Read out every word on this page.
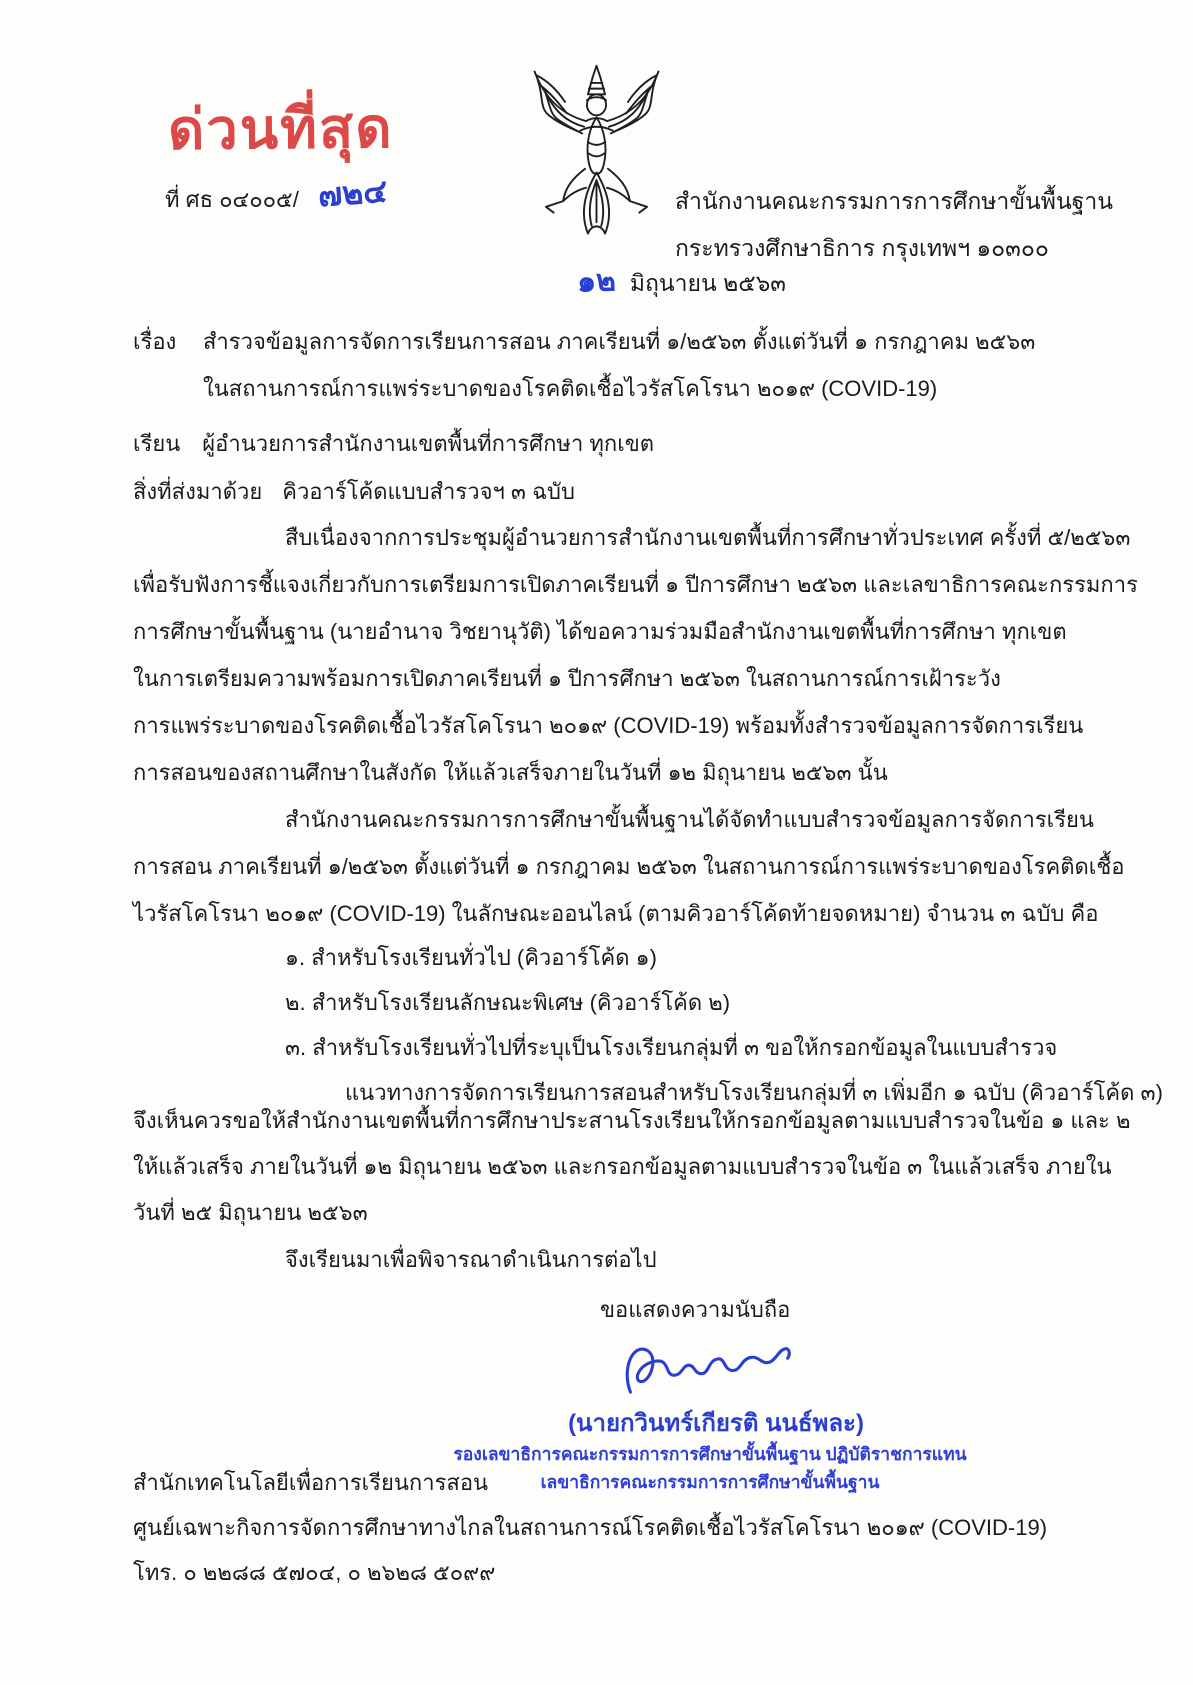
ด่วนที่สุด
ที่ ศธ ๐๔๐๐๕/ ๗๒๔	สำนักงานคณะกรรมการการศึกษาขั้นพื้นฐาน
กระทรวงศึกษาธิการ กรุงเทพฯ ๑๐๓๐๐
๑๒ มิถุนายน ๒๕๖๓
เรื่อง สำรวจข้อมูลการจัดการเรียนการสอน ภาคเรียนที่ ๑/๒๕๖๓ ตั้งแต่วันที่ ๑ กรกฎาคม ๒๕๖๓
ในสถานการณ์การแพร่ระบาดของโรคติดเชื้อไวรัสโคโรนา ๒๐๑๙ (COVID-19)
เรียน ผู้อำนวยการสำนักงานเขตพื้นที่การศึกษา ทุกเขต
สิ่งที่ส่งมาด้วย คิวอาร์โค้ดแบบสำรวจฯ ๓ ฉบับ
สืบเนื่องจากการประชุมผู้อำนวยการสำนักงานเขตพื้นที่การศึกษาทั่วประเทศ ครั้งที่ ๕/๒๕๖๓
เพื่อรับฟังการชี้แจงเกี่ยวกับการเตรียมการเปิดภาคเรียนที่ ๑ ปีการศึกษา ๒๕๖๓ และเลขาธิการคณะกรรมการ
การศึกษาขั้นพื้นฐาน (นายอำนาจ วิชยานุวัติ) ได้ขอความร่วมมือสำนักงานเขตพื้นที่การศึกษา ทุกเขต
ในการเตรียมความพร้อมการเปิดภาคเรียนที่ ๑ ปีการศึกษา ๒๕๖๓ ในสถานการณ์การเฝ้าระวัง
การแพร่ระบาดของโรคติดเชื้อไวรัสโคโรนา ๒๐๑๙ (COVID-19) พร้อมทั้งสำรวจข้อมูลการจัดการเรียน
การสอนของสถานศึกษาในสังกัด ให้แล้วเสร็จภายในวันที่ ๑๒ มิถุนายน ๒๕๖๓ นั้น
สำนักงานคณะกรรมการการศึกษาขั้นพื้นฐานได้จัดทำแบบสำรวจข้อมูลการจัดการเรียน
การสอน ภาคเรียนที่ ๑/๒๕๖๓ ตั้งแต่วันที่ ๑ กรกฎาคม ๒๕๖๓ ในสถานการณ์การแพร่ระบาดของโรคติดเชื้อ
ไวรัสโคโรนา ๒๐๑๙ (COVID-19) ในลักษณะออนไลน์ (ตามคิวอาร์โค้ดท้ายจดหมาย) จำนวน ๓ ฉบับ คือ
๑. สำหรับโรงเรียนทั่วไป (คิวอาร์โค้ด ๑)
๒. สำหรับโรงเรียนลักษณะพิเศษ (คิวอาร์โค้ด ๒)
๓. สำหรับโรงเรียนทั่วไปที่ระบุเป็นโรงเรียนกลุ่มที่ ๓ ขอให้กรอกข้อมูลในแบบสำรวจ
แนวทางการจัดการเรียนการสอนสำหรับโรงเรียนกลุ่มที่ ๓ เพิ่มอีก ๑ ฉบับ (คิวอาร์โค้ด ๓)
จึงเห็นควรขอให้สำนักงานเขตพื้นที่การศึกษาประสานโรงเรียนให้กรอกข้อมูลตามแบบสำรวจในข้อ ๑ และ ๒
ให้แล้วเสร็จ ภายในวันที่ ๑๒ มิถุนายน ๒๕๖๓ และกรอกข้อมูลตามแบบสำรวจในข้อ ๓ ในแล้วเสร็จ ภายใน
วันที่ ๒๕ มิถุนายน ๒๕๖๓
จึงเรียนมาเพื่อพิจารณาดำเนินการต่อไป
ขอแสดงความนับถือ
(นายกวินทร์เกียรติ นนธ์พละ)
รองเลขาธิการคณะกรรมการการศึกษาขั้นพื้นฐาน ปฏิบัติราชการแทน
เลขาธิการคณะกรรมการการศึกษาขั้นพื้นฐาน
สำนักเทคโนโลยีเพื่อการเรียนการสอน
ศูนย์เฉพาะกิจการจัดการศึกษาทางไกลในสถานการณ์โรคติดเชื้อไวรัสโคโรนา ๒๐๑๙ (COVID-19)
โทร. ๐ ๒๒๘๘ ๕๗๐๔, ๐ ๒๖๒๘ ๕๐๙๙
